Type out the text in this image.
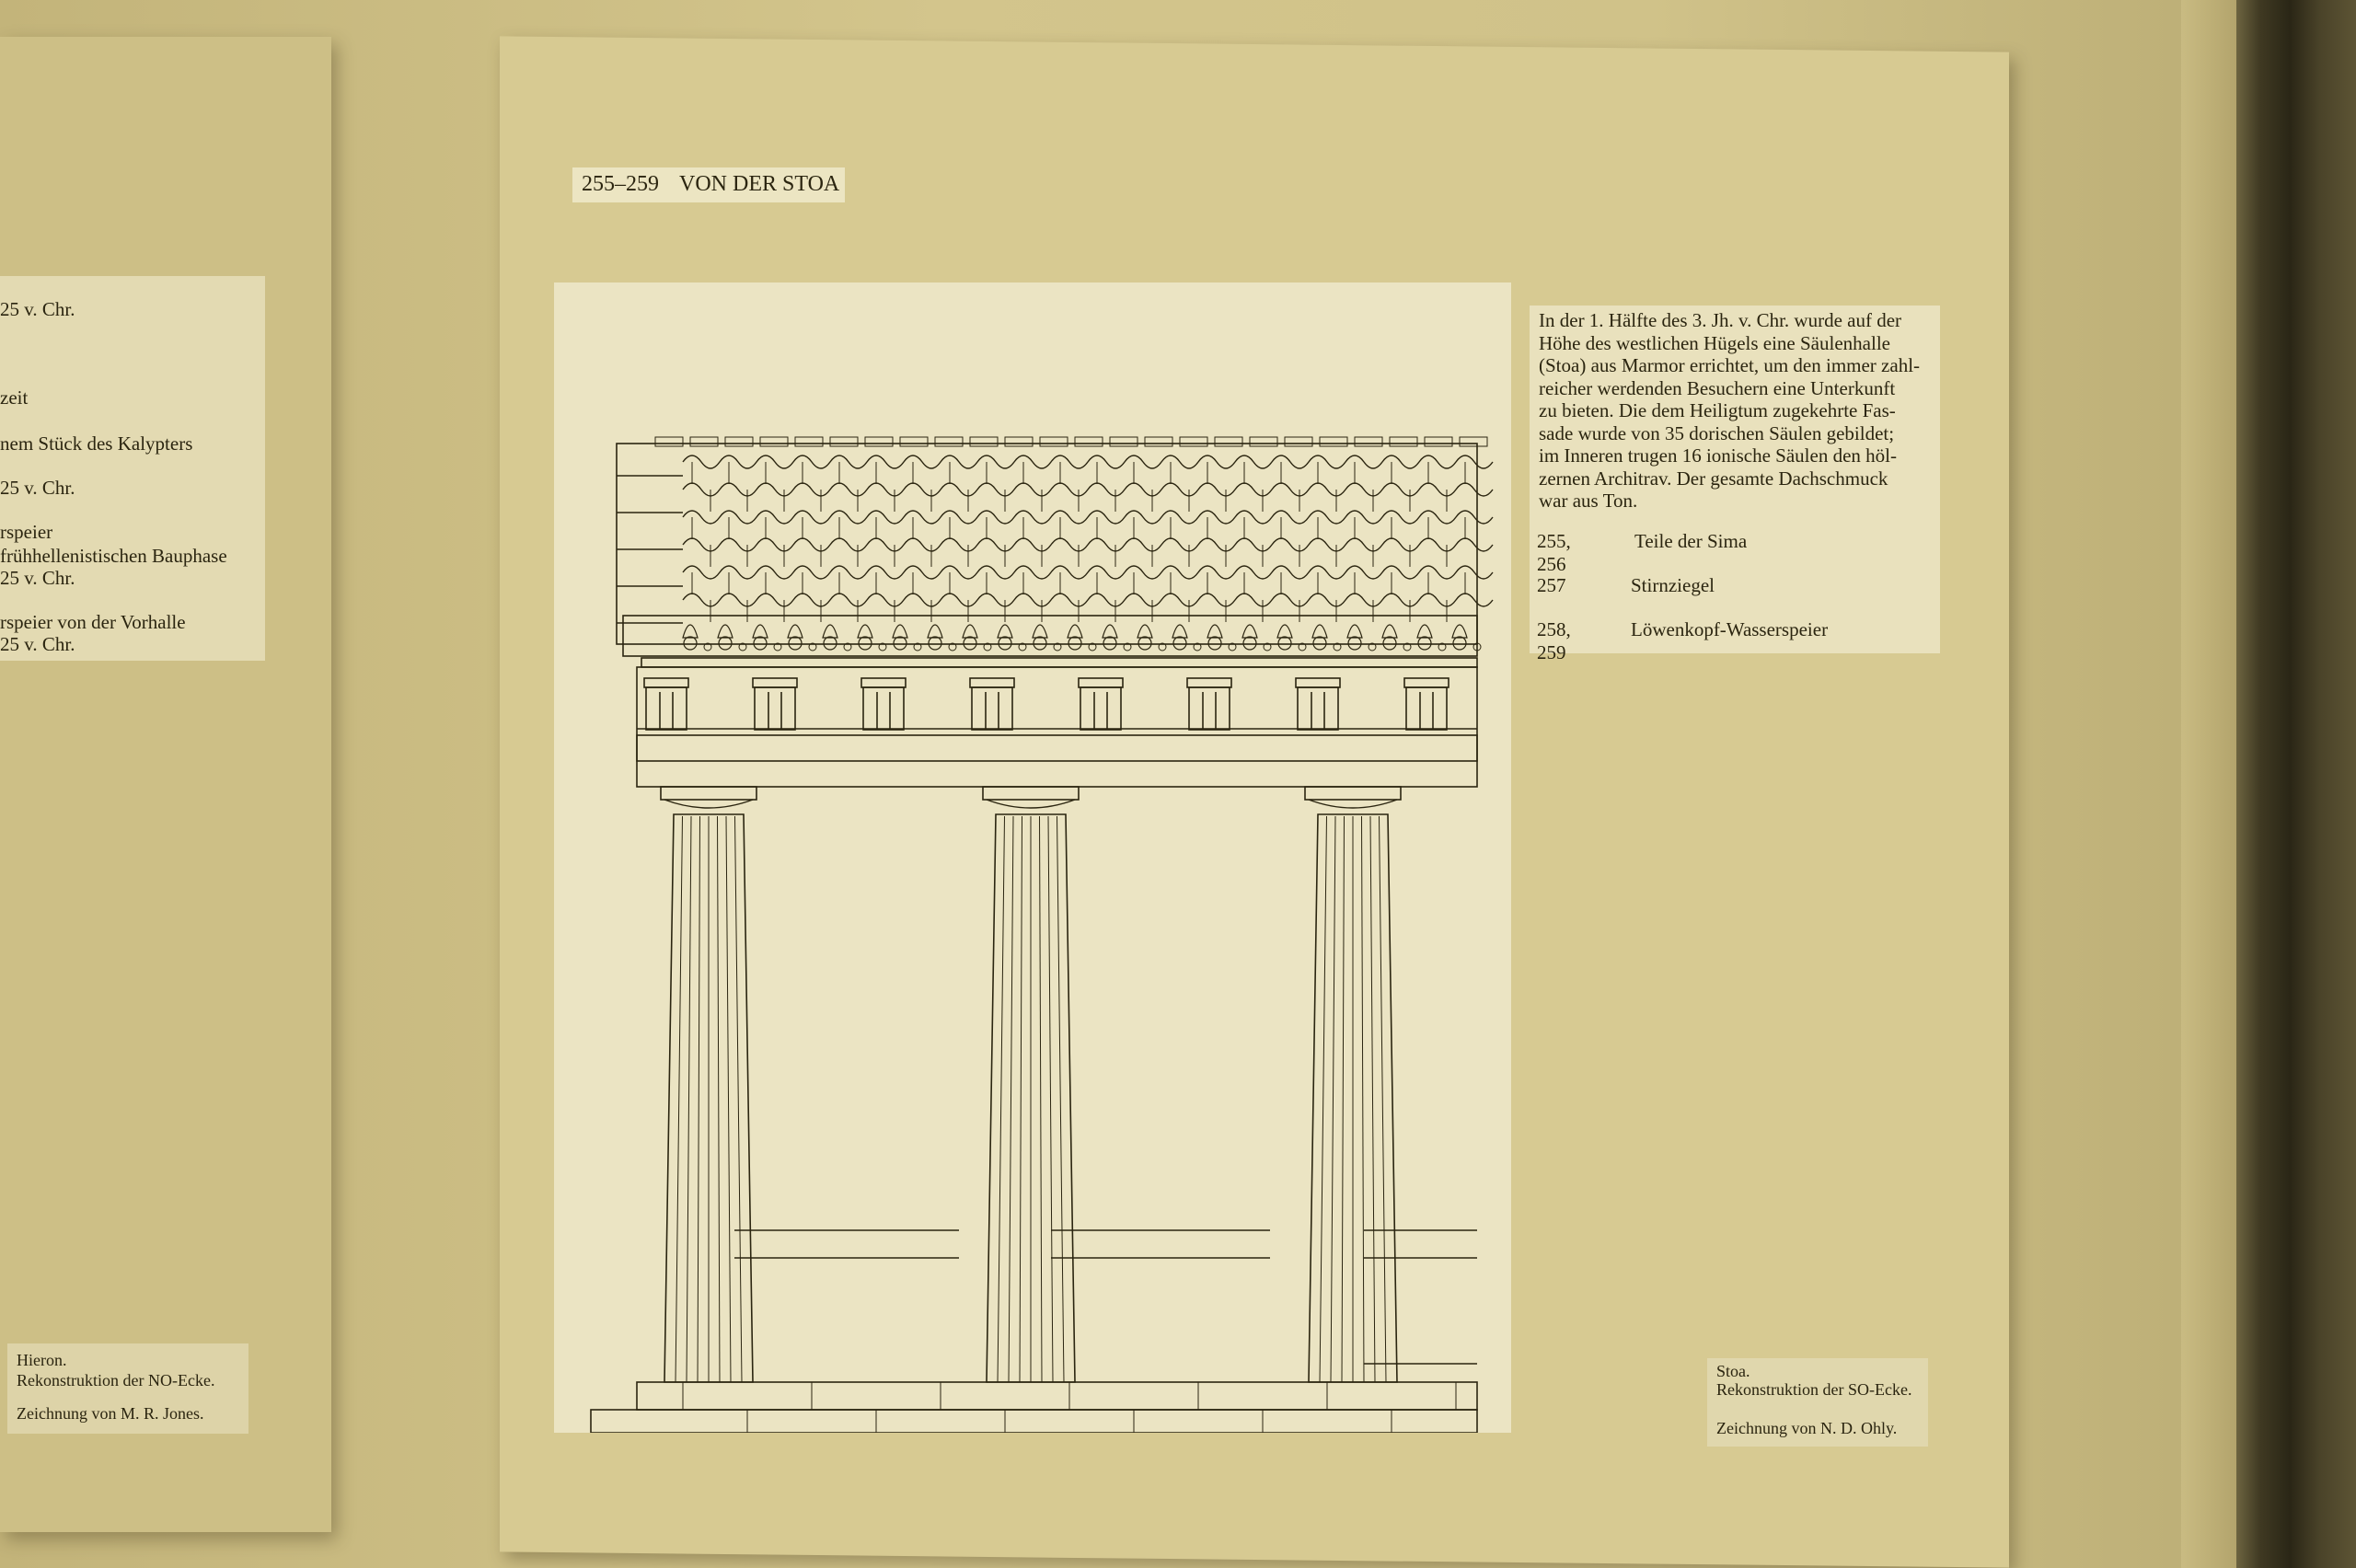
25 v. Chr.
zeit
nem Stück des Kalypters
25 v. Chr.
rspeier
frühhellenistischen Bauphase
25 v. Chr.
rspeier von der Vorhalle
25 v. Chr.
Hieron.
Rekonstruktion der NO-Ecke.
Zeichnung von M. R. Jones.
255–259 VON DER STOA
In der 1. Hälfte des 3. Jh. v. Chr. wurde auf der
Höhe des westlichen Hügels eine Säulenhalle
(Stoa) aus Marmor errichtet, um den immer zahl-
reicher werdenden Besuchern eine Unterkunft
zu bieten. Die dem Heiligtum zugekehrte Fas-
sade wurde von 35 dorischen Säulen gebildet;
im Inneren trugen 16 ionische Säulen den höl-
zernen Architrav. Der gesamte Dachschmuck
war aus Ton.
255, 256
Teile der Sima
257	Stirnziegel
258, 259
Löwenkopf-Wasserspeier
Stoa.
Rekonstruktion der SO-Ecke.
Zeichnung von N. D. Ohly.
